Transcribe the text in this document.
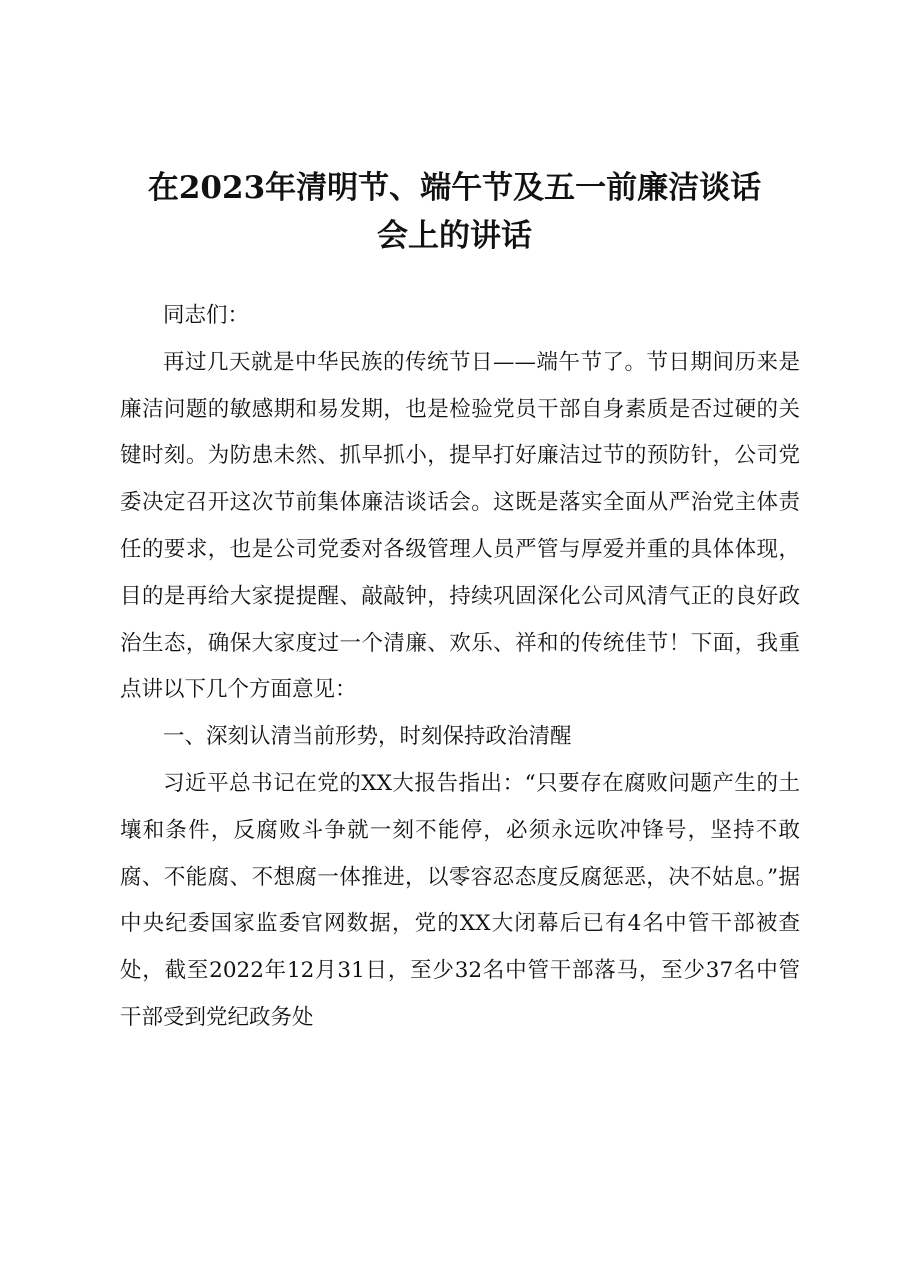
在2023年清明节、端午节及五一前廉洁谈话
会上的讲话

同志们：

再过几天就是中华民族的传统节日——端午节了。节日期间历来是廉洁问题的敏感期和易发期，也是检验党员干部自身素质是否过硬的关键时刻。为防患未然、抓早抓小，提早打好廉洁过节的预防针，公司党委决定召开这次节前集体廉洁谈话会。这既是落实全面从严治党主体责任的要求，也是公司党委对各级管理人员严管与厚爱并重的具体体现，目的是再给大家提提醒、敲敲钟，持续巩固深化公司风清气正的良好政治生态，确保大家度过一个清廉、欢乐、祥和的传统佳节！下面，我重点讲以下几个方面意见：

一、深刻认清当前形势，时刻保持政治清醒

习近平总书记在党的XX大报告指出：“只要存在腐败问题产生的土壤和条件，反腐败斗争就一刻不能停，必须永远吹冲锋号，坚持不敢腐、不能腐、不想腐一体推进，以零容忍态度反腐惩恶，决不姑息。”据中央纪委国家监委官网数据，党的XX大闭幕后已有4名中管干部被查处，截至2022年12月31日，至少32名中管干部落马，至少37名中管干部受到党纪政务处
